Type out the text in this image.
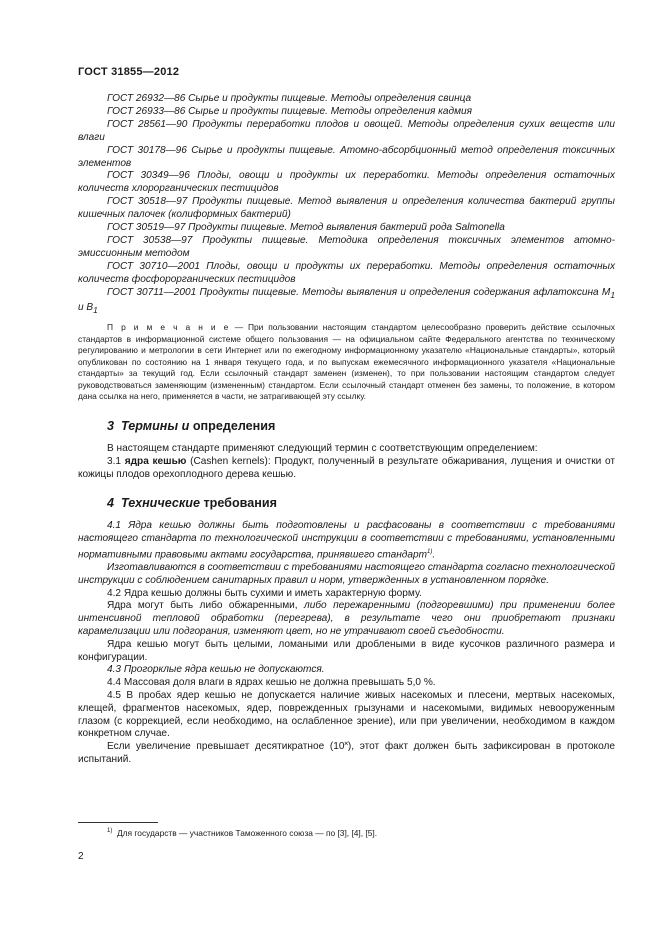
ГОСТ 31855—2012

ГОСТ 26932—86 Сырье и продукты пищевые. Методы определения свинца

ГОСТ 26933—86 Сырье и продукты пищевые. Методы определения кадмия

ГОСТ 28561—90 Продукты переработки плодов и овощей. Методы определения сухих веществ или влаги

ГОСТ 30178—96 Сырье и продукты пищевые. Атомно-абсорбционный метод определения токсичных элементов

ГОСТ 30349—96 Плоды, овощи и продукты их переработки. Методы определения остаточных количеств хлорорганических пестицидов

ГОСТ 30518—97 Продукты пищевые. Метод выявления и определения количества бактерий группы кишечных палочек (колиформных бактерий)

ГОСТ 30519—97 Продукты пищевые. Метод выявления бактерий рода Salmonella

ГОСТ 30538—97 Продукты пищевые. Методика определения токсичных элементов атомно-эмиссионным методом

ГОСТ 30710—2001 Плоды, овощи и продукты их переработки. Методы определения остаточных количеств фосфорорганических пестицидов

ГОСТ 30711—2001 Продукты пищевые. Методы выявления и определения содержания афлатоксина $M_1$ и $B_1$

П р и м е ч а н и е — При пользовании настоящим стандартом целесообразно проверить действие ссылочных стандартов в информационной системе общего пользования — на официальном сайте Федерального агентства по техническому регулированию и метрологии в сети Интернет или по ежегодному информационному указателю «Национальные стандарты», который опубликован по состоянию на 1 января текущего года, и по выпускам ежемесячного информационного указателя «Национальные стандарты» за текущий год. Если ссылочный стандарт заменен (изменен), то при пользовании настоящим стандартом следует руководствоваться заменяющим (измененным) стандартом. Если ссылочный стандарт отменен без замены, то положение, в котором дана ссылка на него, применяется в части, не затрагивающей эту ссылку.

3 Термины и определения

В настоящем стандарте применяют следующий термин с соответствующим определением:

3.1 ядра кешью (Cashen kernels): Продукт, полученный в результате обжаривания, лущения и очистки от кожицы плодов орехоплодного дерева кешью.

4 Технические требования

4.1 Ядра кешью должны быть подготовлены и расфасованы в соответствии с требованиями настоящего стандарта по технологической инструкции в соответствии с требованиями, установленными нормативными правовыми актами государства, принявшего стандарт$^{1)}$.

Изготавливаются в соответствии с требованиями настоящего стандарта согласно технологической инструкции с соблюдением санитарных правил и норм, утвержденных в установленном порядке.

4.2 Ядра кешью должны быть сухими и иметь характерную форму.

Ядра могут быть либо обжаренными, либо пережаренными (подгоревшими) при применении более интенсивной тепловой обработки (перегрева), в результате чего они приобретают признаки карамелизации или подгорания, изменяют цвет, но не утрачивают своей съедобности.

Ядра кешью могут быть целыми, ломаными или дроблеными в виде кусочков различного размера и конфигурации.

4.3 Прогорклые ядра кешью не допускаются.

4.4 Массовая доля влаги в ядрах кешью не должна превышать 5,0 %.

4.5 В пробах ядер кешью не допускается наличие живых насекомых и плесени, мертвых насекомых, клещей, фрагментов насекомых, ядер, поврежденных грызунами и насекомыми, видимых невооруженным глазом (с коррекцией, если необходимо, на ослабленное зрение), или при увеличении, необходимом в каждом конкретном случае.

Если увеличение превышает десятикратное (10˟), этот факт должен быть зафиксирован в протоколе испытаний.

$^{1)}$ Для государств — участников Таможенного союза — по [3], [4], [5].
2
